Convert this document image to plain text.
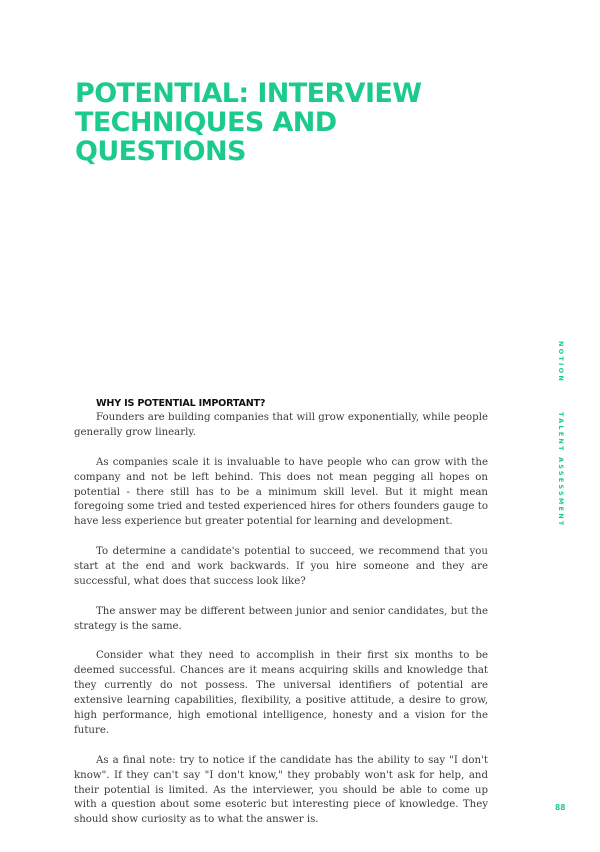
POTENTIAL: INTERVIEW
TECHNIQUES AND
QUESTIONS
NOTION
TALENT ASSESSMENT
WHY IS POTENTIAL IMPORTANT?

Founders are building companies that will grow exponentially, while people generally grow linearly.

As companies scale it is invaluable to have people who can grow with the company and not be left behind. This does not mean pegging all hopes on potential - there still has to be a minimum skill level. But it might mean foregoing some tried and tested experienced hires for others founders gauge to have less experience but greater potential for learning and development.

To determine a candidate's potential to succeed, we recommend that you start at the end and work backwards. If you hire someone and they are successful, what does that success look like?

The answer may be different between junior and senior candidates, but the strategy is the same.

Consider what they need to accomplish in their first six months to be deemed successful. Chances are it means acquiring skills and knowledge that they currently do not possess. The universal identifiers of potential are extensive learning capabilities, flexibility, a positive attitude, a desire to grow, high performance, high emotional intelligence, honesty and a vision for the future.

As a final note: try to notice if the candidate has the ability to say "I don't know". If they can't say "I don't know," they probably won't ask for help, and their potential is limited. As the interviewer, you should be able to come up with a question about some esoteric but interesting piece of knowledge. They should show curiosity as to what the answer is.

88
